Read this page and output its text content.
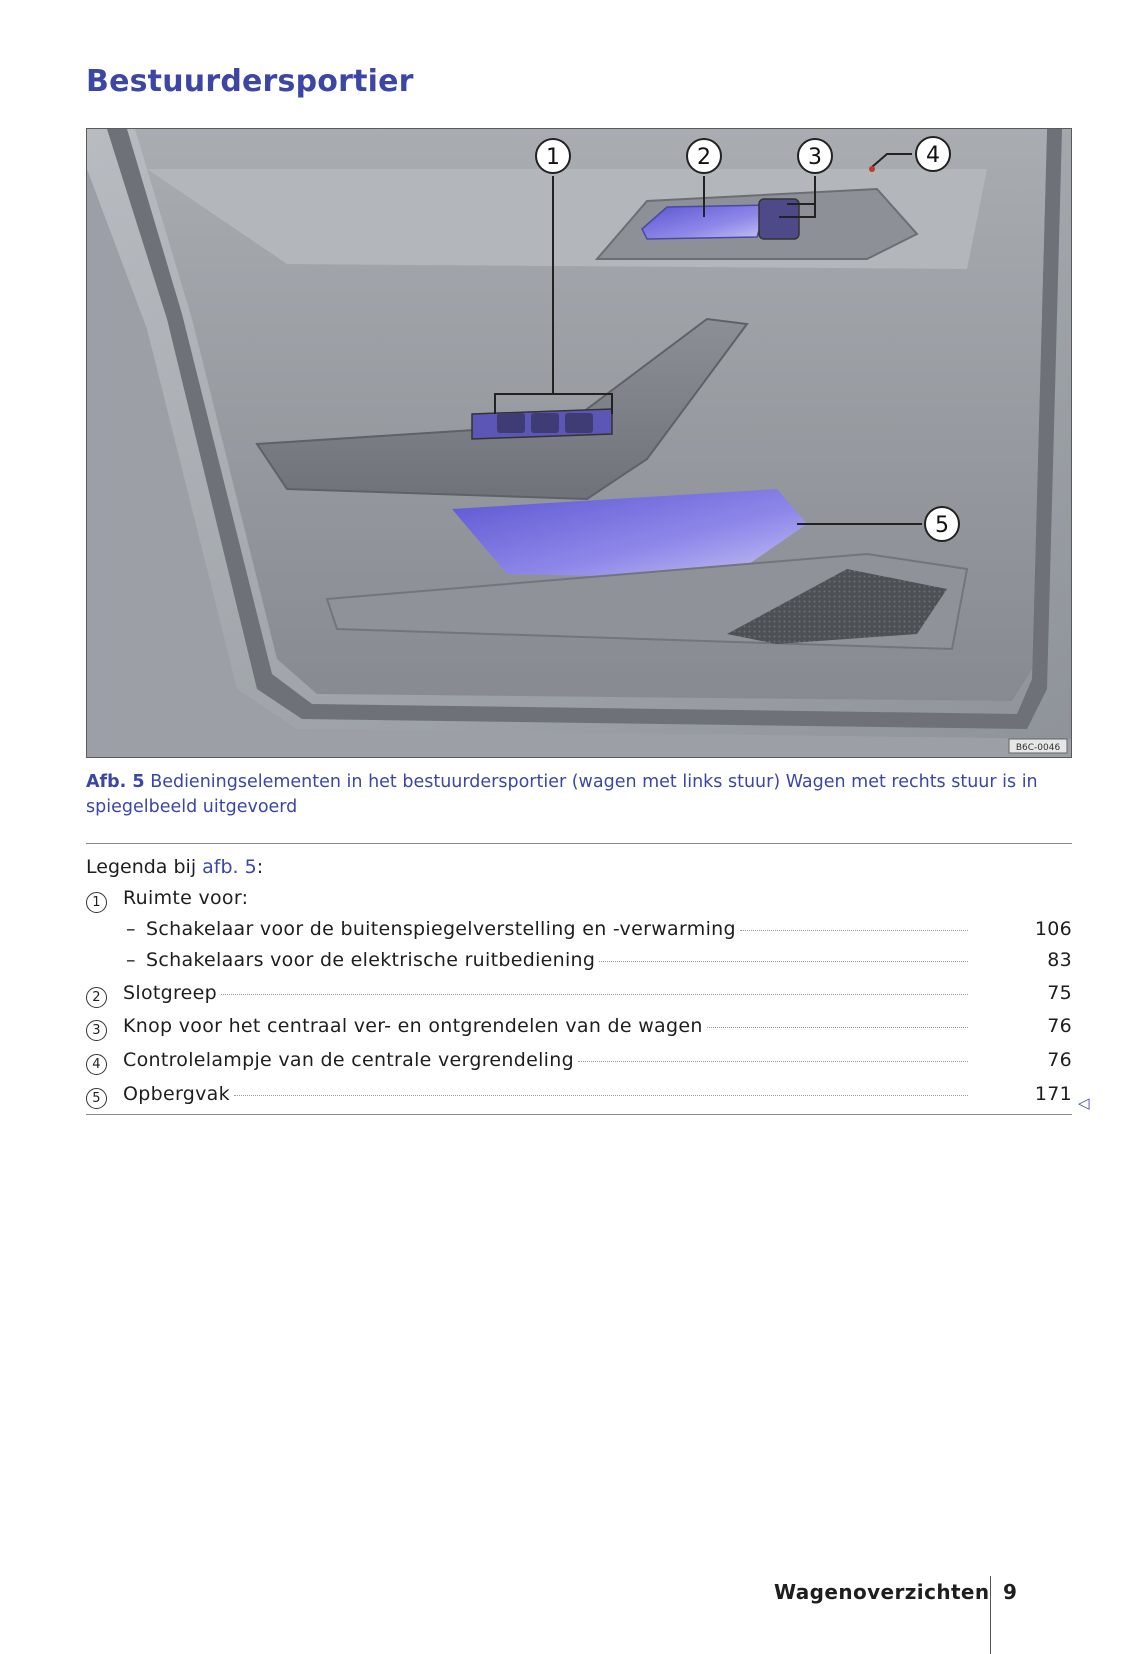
Bestuurdersportier
1	2	3	4
5
B6C-0046
Afb. 5 Bedieningselementen in het bestuurdersportier (wagen met links stuur) Wagen met rechts stuur is in spiegelbeeld uitgevoerd
Legenda bij afb. 5:
1	Ruimte voor:
– Schakelaar voor de buitenspiegelverstelling en -verwarming	106
– Schakelaars voor de elektrische ruitbediening	83
2	Slotgreep	75
3	Knop voor het centraal ver- en ontgrendelen van de wagen	76
4	Controlelampje van de centrale vergrendeling	76
5	Opbergvak	171 ◁
Wagenoverzichten 9
